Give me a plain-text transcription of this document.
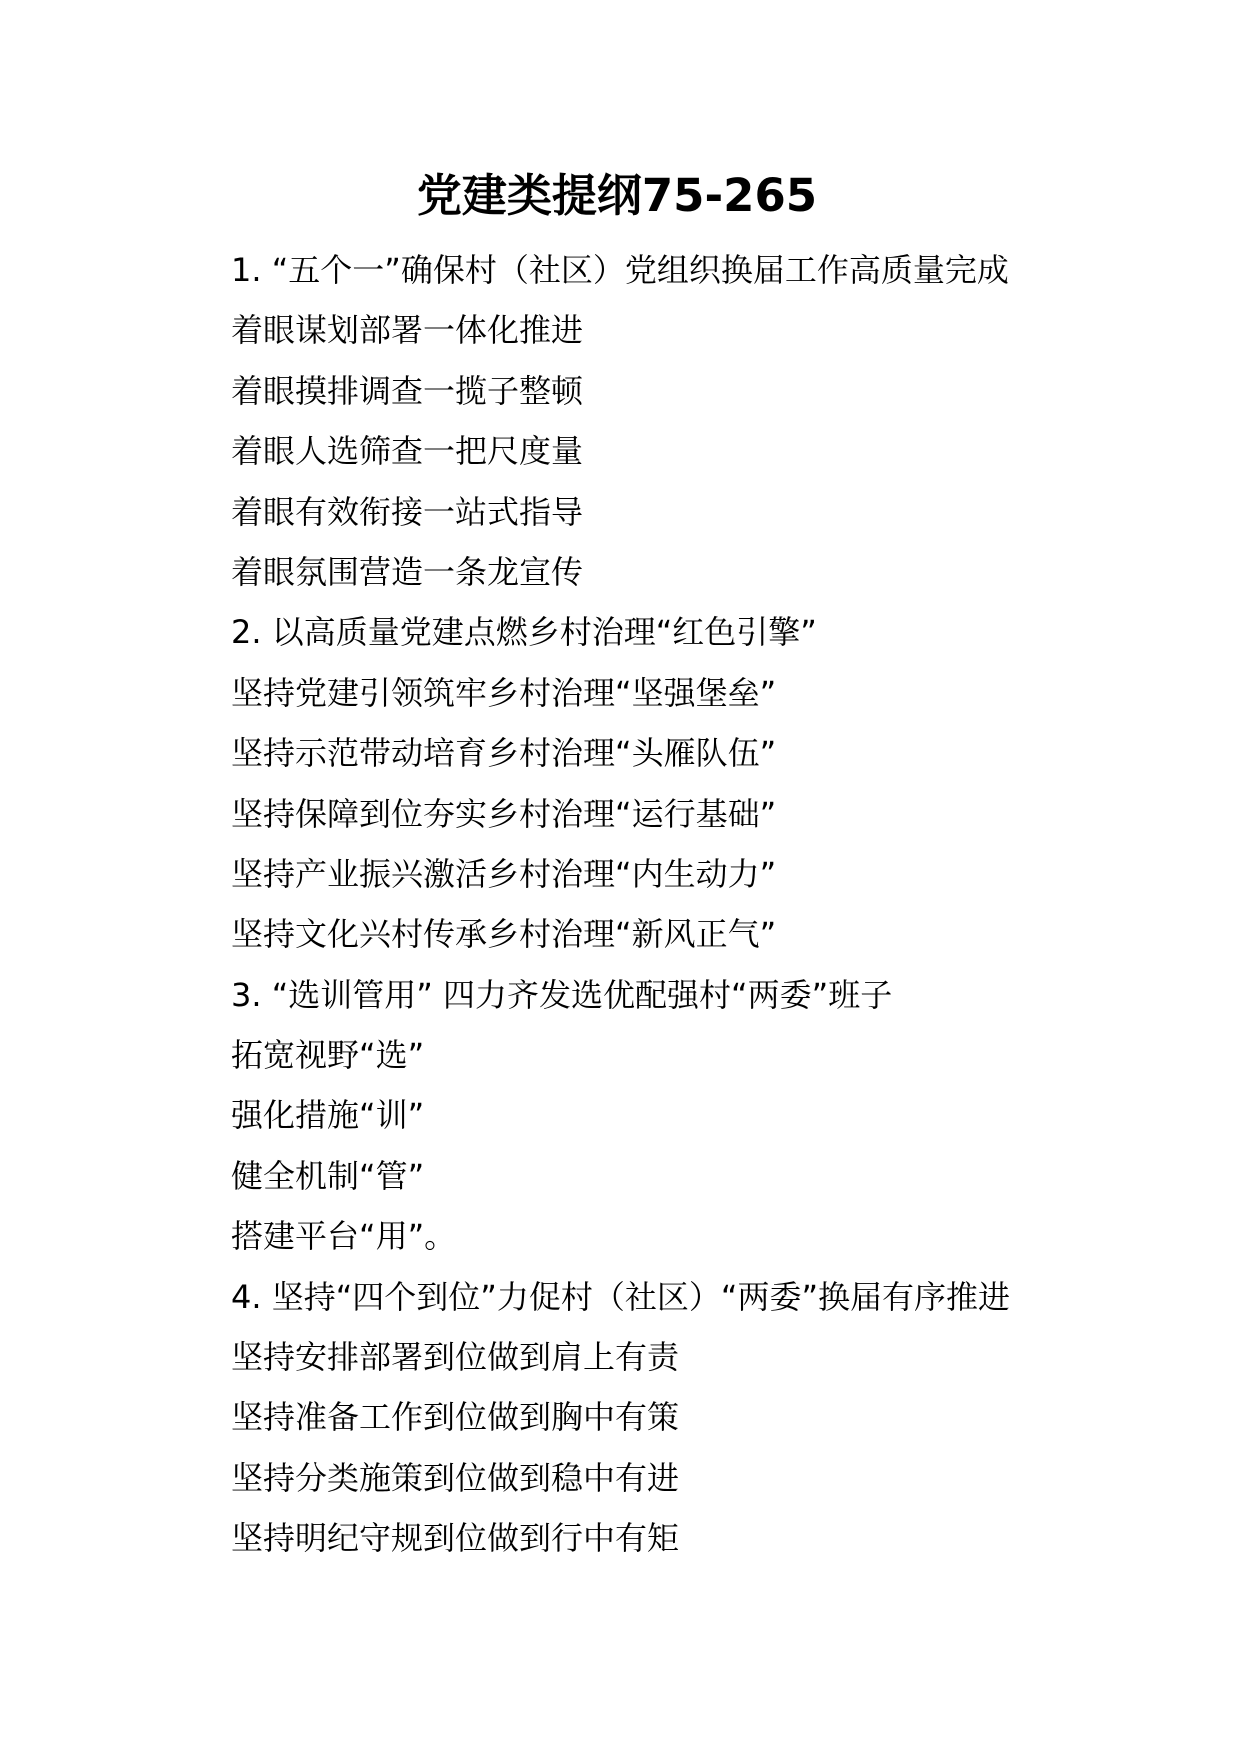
党建类提纲75-265
1. “五个一”确保村（社区）党组织换届工作高质量完成
着眼谋划部署一体化推进
着眼摸排调查一揽子整顿
着眼人选筛查一把尺度量
着眼有效衔接一站式指导
着眼氛围营造一条龙宣传
2. 以高质量党建点燃乡村治理“红色引擎”
坚持党建引领筑牢乡村治理“坚强堡垒”
坚持示范带动培育乡村治理“头雁队伍”
坚持保障到位夯实乡村治理“运行基础”
坚持产业振兴激活乡村治理“内生动力”
坚持文化兴村传承乡村治理“新风正气”
3. “选训管用” 四力齐发选优配强村“两委”班子
拓宽视野“选”
强化措施“训”
健全机制“管”
搭建平台“用”。
4. 坚持“四个到位”力促村（社区）“两委”换届有序推进
坚持安排部署到位做到肩上有责
坚持准备工作到位做到胸中有策
坚持分类施策到位做到稳中有进
坚持明纪守规到位做到行中有矩
